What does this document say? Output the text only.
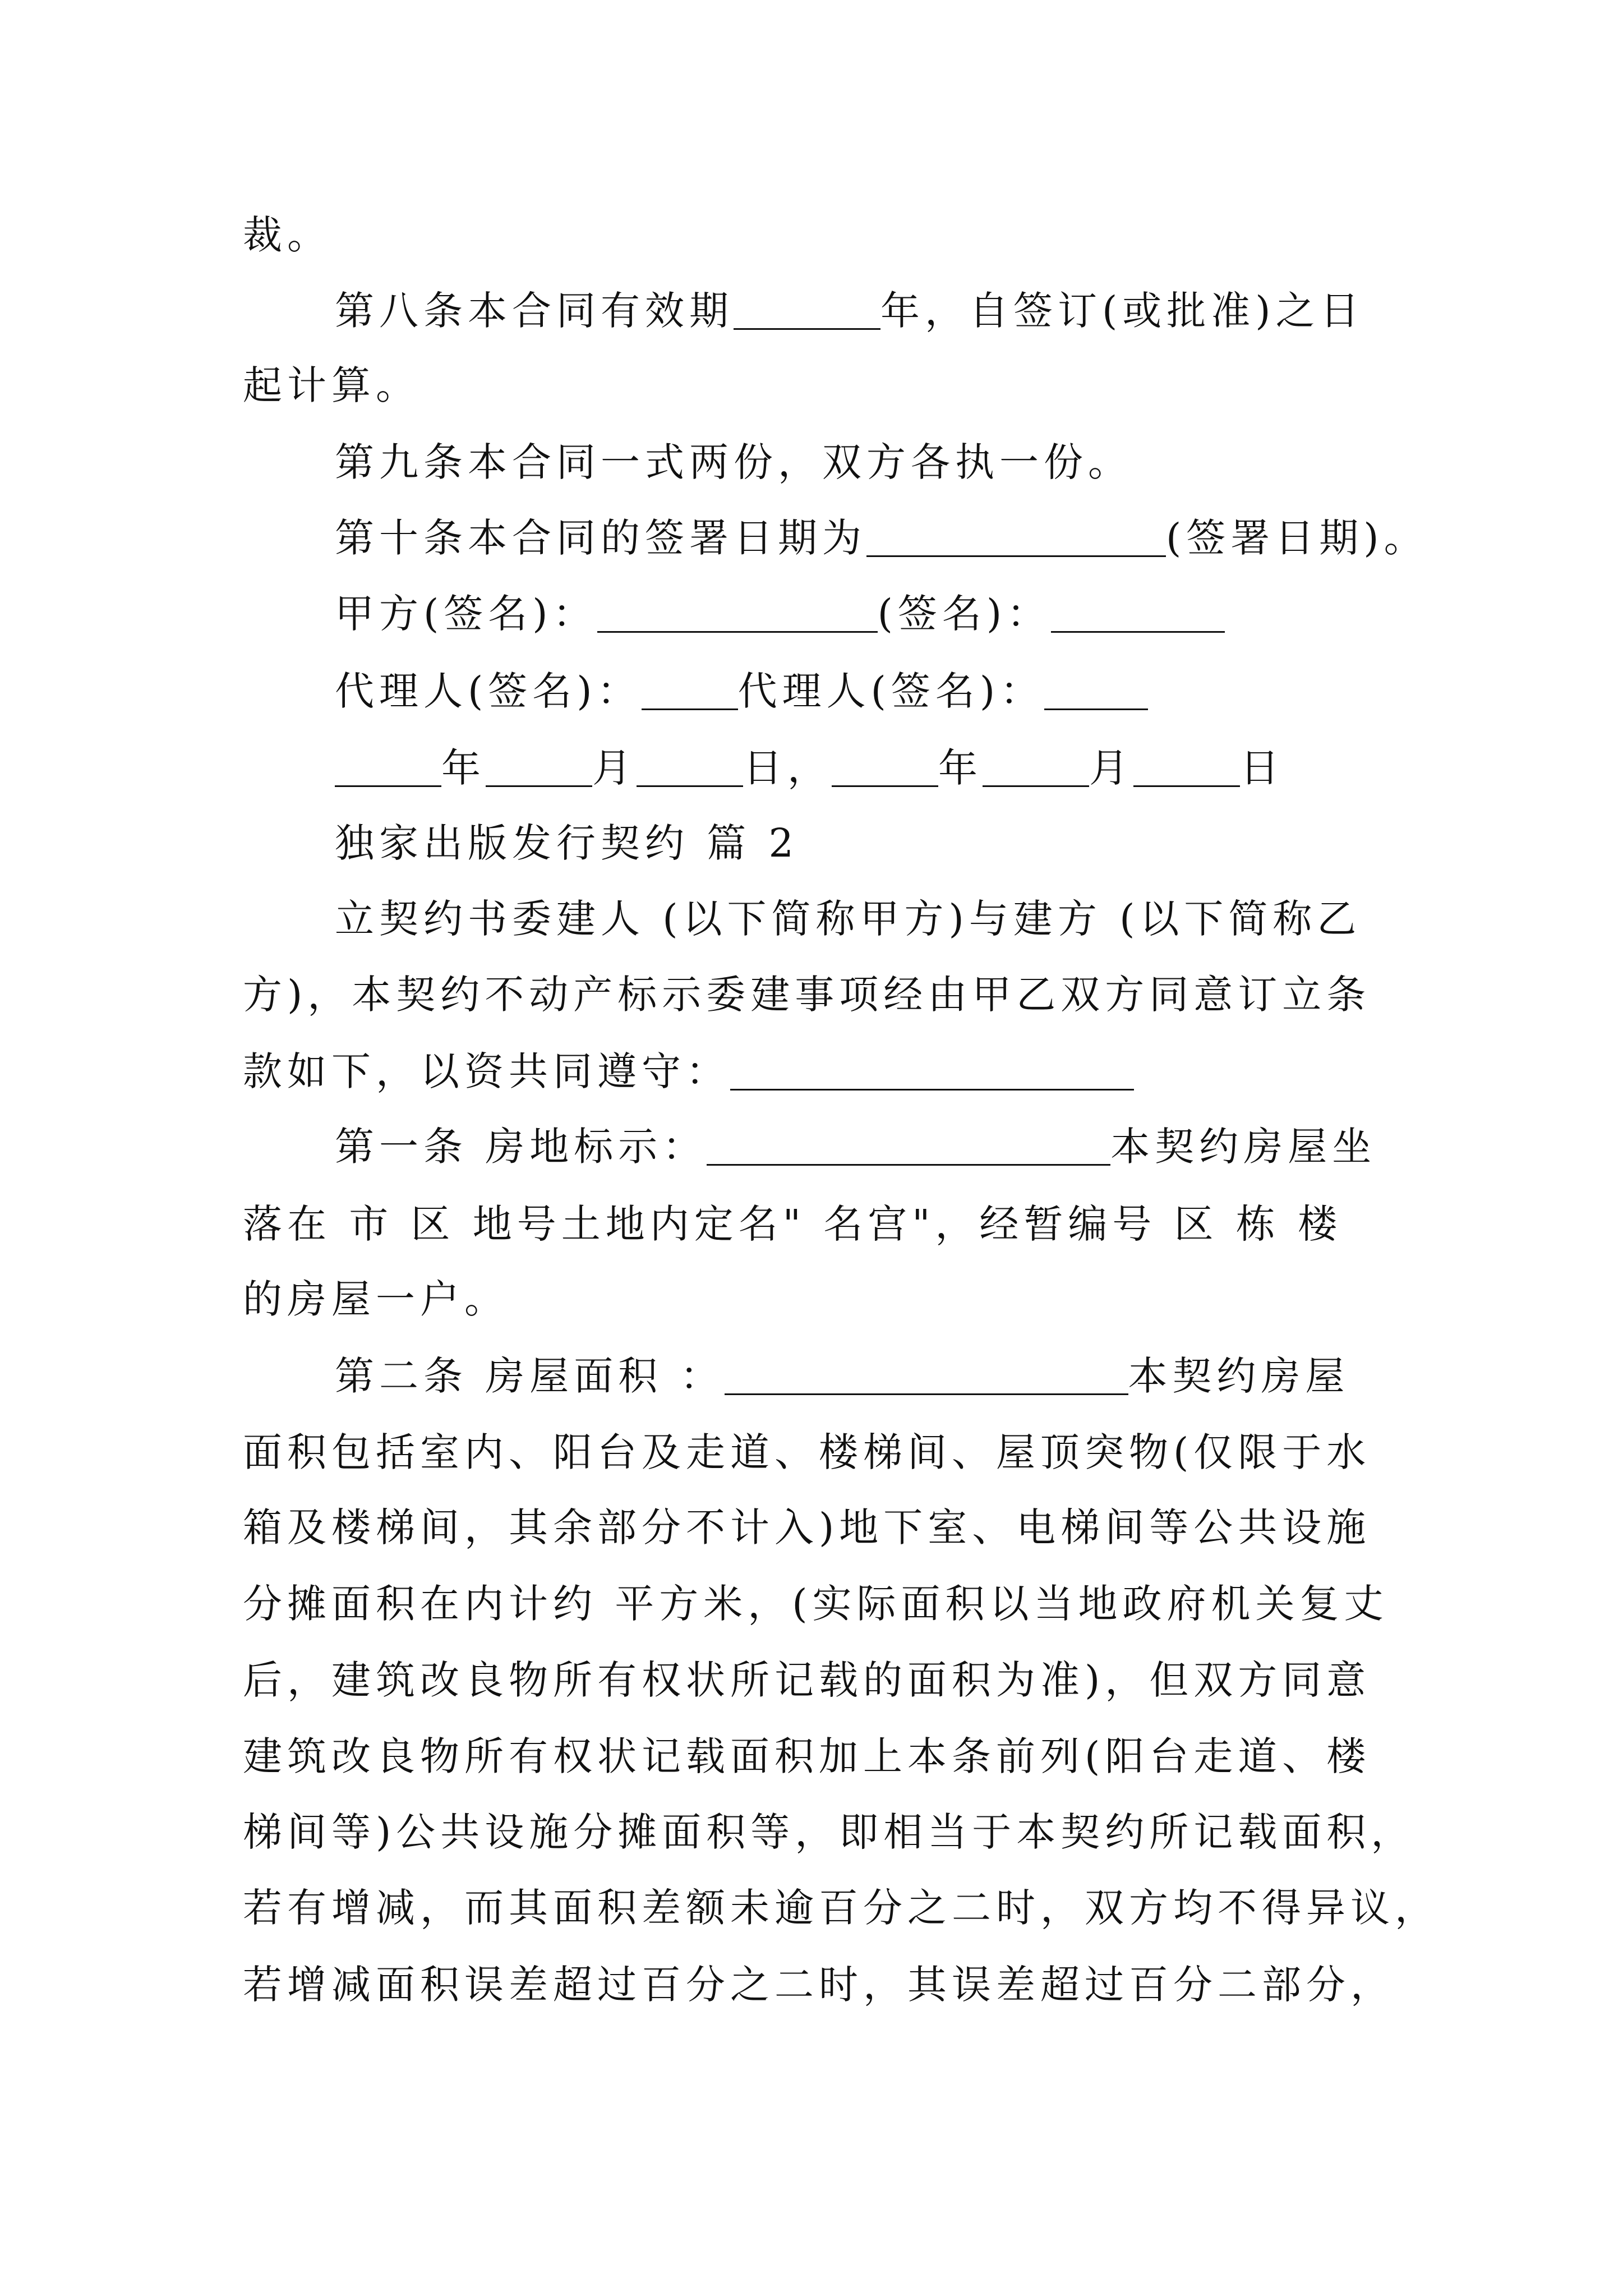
裁。
第八条本合同有效期	年，自签订(或批准)之日
起计算。
第九条本合同一式两份，双方各执一份。
第十条本合同的签署日期为	(签署日期)。
甲方(签名)：	(签名)：
代理人(签名)： 代理人(签名)：
年	月	日，	年	月	日
独家出版发行契约 篇 2
立契约书委建人 (以下简称甲方)与建方 (以下简称乙
方)，本契约不动产标示委建事项经由甲乙双方同意订立条
款如下，以资共同遵守：
第一条 房地标示：	本契约房屋坐
落在 市 区 地号土地内定名" 名宫"，经暂编号 区 栋 楼
的房屋一户。
第二条 房屋面积 ：	本契约房屋
面积包括室内、阳台及走道、楼梯间、屋顶突物(仅限于水
箱及楼梯间，其余部分不计入)地下室、电梯间等公共设施
分摊面积在内计约 平方米，(实际面积以当地政府机关复丈
后，建筑改良物所有权状所记载的面积为准)，但双方同意
建筑改良物所有权状记载面积加上本条前列(阳台走道、楼
梯间等)公共设施分摊面积等，即相当于本契约所记载面积，
若有增减，而其面积差额未逾百分之二时，双方均不得异议，
若增减面积误差超过百分之二时，其误差超过百分二部分，
